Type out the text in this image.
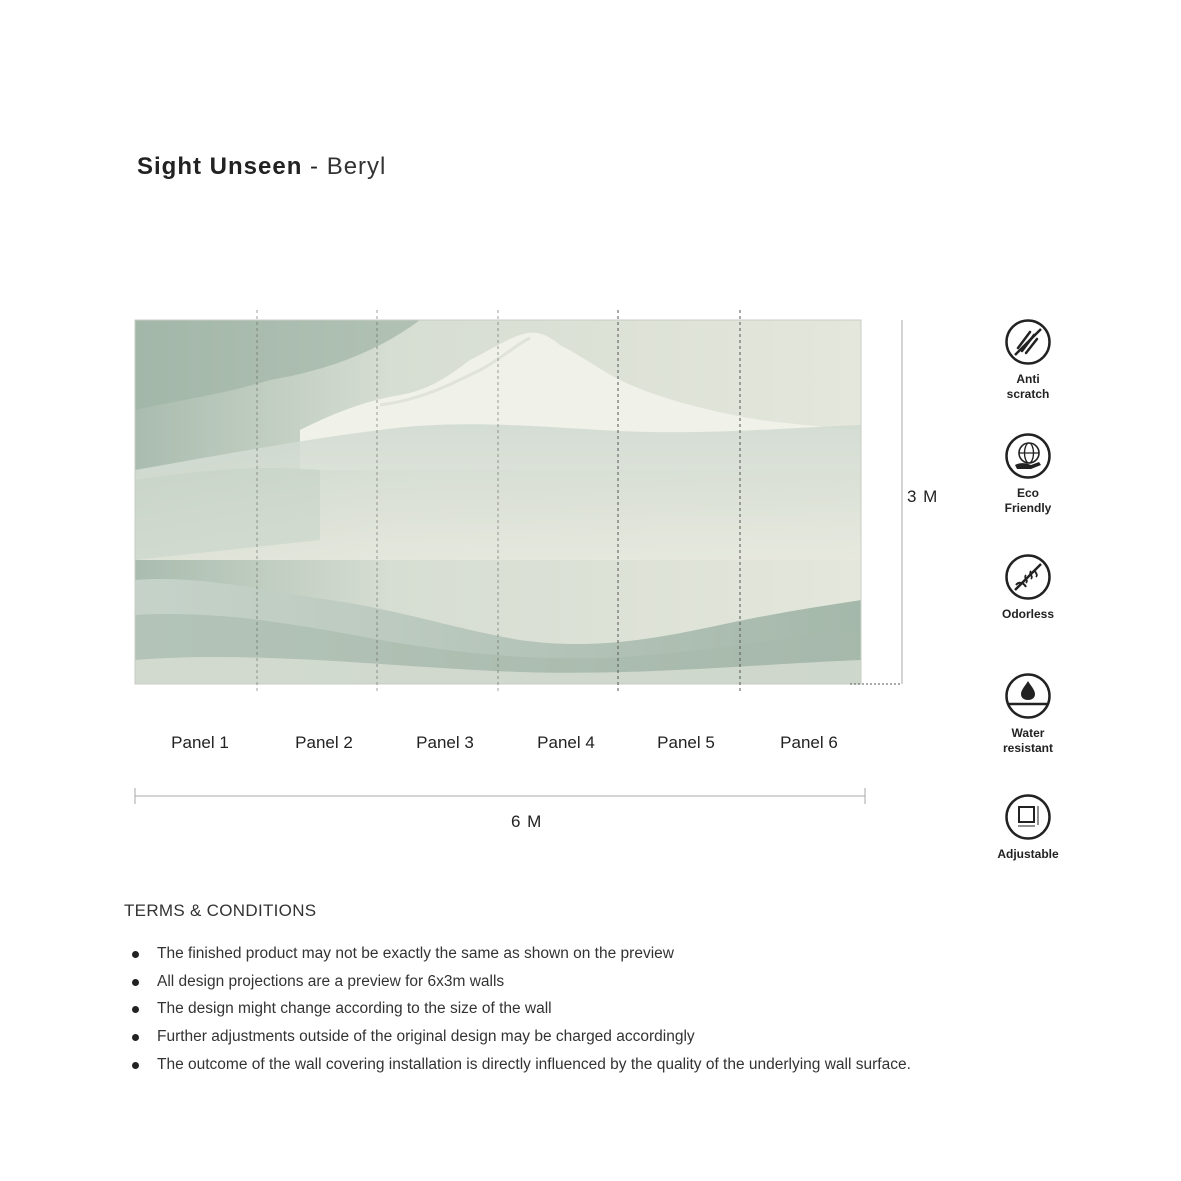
Sight Unseen - Beryl
3 M
6 M
Panel 1	Panel 2	Panel 3	Panel 4	Panel 5	Panel 6
Anti
scratch
Eco
Friendly
Odorless
Water
resistant
Adjustable
TERMS & CONDITIONS
The finished product may not be exactly the same as shown on the preview
All design projections are a preview for 6x3m walls
The design might change according to the size of the wall
Further adjustments outside of the original design may be charged accordingly
The outcome of the wall covering installation is directly influenced by the quality of the underlying wall surface.
